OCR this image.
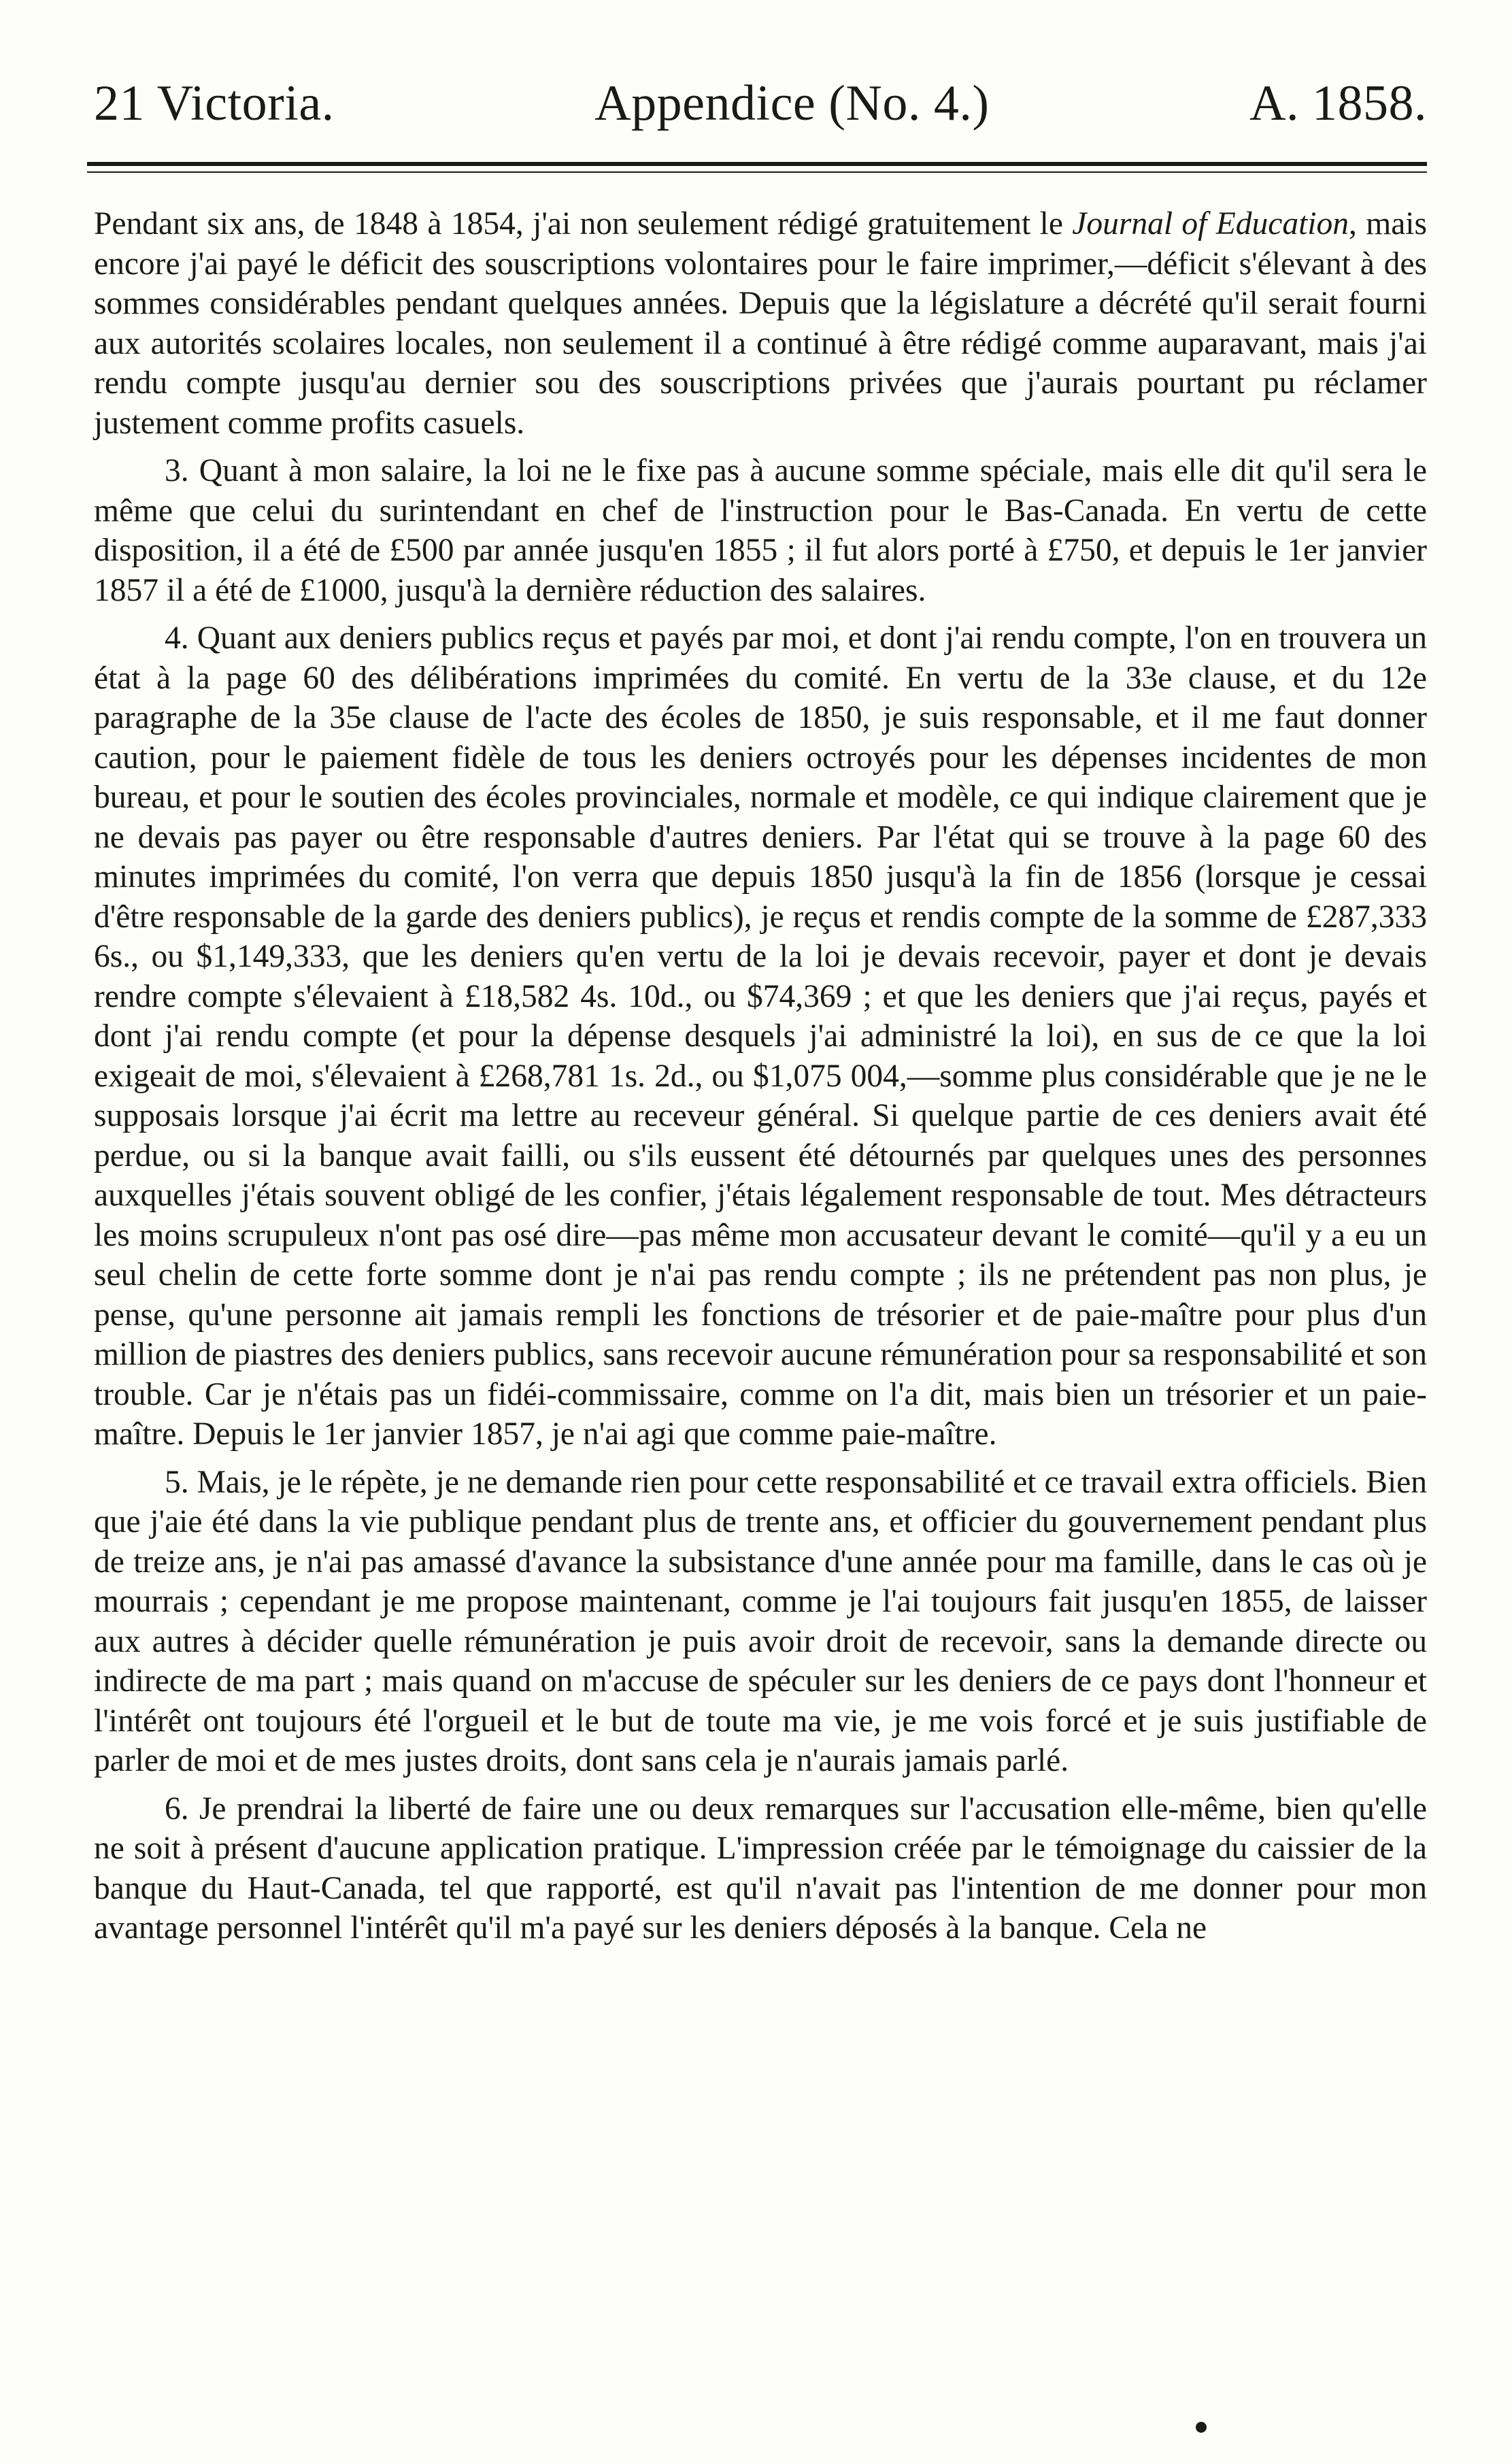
21 Victoria.	Appendice (No. 4.)	A. 1858.

Pendant six ans, de 1848 à 1854, j'ai non seulement rédigé gratuitement le Journal of Education, mais encore j'ai payé le déficit des souscriptions volontaires pour le faire imprimer,—déficit s'élevant à des sommes considérables pendant quelques années. Depuis que la législature a décrété qu'il serait fourni aux autorités scolaires locales, non seulement il a continué à être rédigé comme auparavant, mais j'ai rendu compte jusqu'au dernier sou des souscriptions privées que j'aurais pourtant pu réclamer justement comme profits casuels.

3. Quant à mon salaire, la loi ne le fixe pas à aucune somme spéciale, mais elle dit qu'il sera le même que celui du surintendant en chef de l'instruction pour le Bas-Canada. En vertu de cette disposition, il a été de £500 par année jusqu'en 1855 ; il fut alors porté à £750, et depuis le 1er janvier 1857 il a été de £1000, jusqu'à la dernière réduction des salaires.

4. Quant aux deniers publics reçus et payés par moi, et dont j'ai rendu compte, l'on en trouvera un état à la page 60 des délibérations imprimées du comité. En vertu de la 33e clause, et du 12e paragraphe de la 35e clause de l'acte des écoles de 1850, je suis responsable, et il me faut donner caution, pour le paiement fidèle de tous les deniers octroyés pour les dépenses incidentes de mon bureau, et pour le soutien des écoles provinciales, normale et modèle, ce qui indique clairement que je ne devais pas payer ou être responsable d'autres deniers. Par l'état qui se trouve à la page 60 des minutes imprimées du comité, l'on verra que depuis 1850 jusqu'à la fin de 1856 (lorsque je cessai d'être responsable de la garde des deniers publics), je reçus et rendis compte de la somme de £287,333 6s., ou $1,149,333, que les deniers qu'en vertu de la loi je devais recevoir, payer et dont je devais rendre compte s'élevaient à £18,582 4s. 10d., ou $74,369 ; et que les deniers que j'ai reçus, payés et dont j'ai rendu compte (et pour la dépense desquels j'ai administré la loi), en sus de ce que la loi exigeait de moi, s'élevaient à £268,781 1s. 2d., ou $1,075 004,—somme plus considérable que je ne le supposais lorsque j'ai écrit ma lettre au receveur général. Si quelque partie de ces deniers avait été perdue, ou si la banque avait failli, ou s'ils eussent été détournés par quelques unes des personnes auxquelles j'étais souvent obligé de les confier, j'étais légalement responsable de tout. Mes détracteurs les moins scrupuleux n'ont pas osé dire—pas même mon accusateur devant le comité—qu'il y a eu un seul chelin de cette forte somme dont je n'ai pas rendu compte ; ils ne prétendent pas non plus, je pense, qu'une personne ait jamais rempli les fonctions de trésorier et de paie-maître pour plus d'un million de piastres des deniers publics, sans recevoir aucune rémunération pour sa responsabilité et son trouble. Car je n'étais pas un fidéi-commissaire, comme on l'a dit, mais bien un trésorier et un paie-maître. Depuis le 1er janvier 1857, je n'ai agi que comme paie-maître.

5. Mais, je le répète, je ne demande rien pour cette responsabilité et ce travail extra officiels. Bien que j'aie été dans la vie publique pendant plus de trente ans, et officier du gouvernement pendant plus de treize ans, je n'ai pas amassé d'avance la subsistance d'une année pour ma famille, dans le cas où je mourrais ; cependant je me propose maintenant, comme je l'ai toujours fait jusqu'en 1855, de laisser aux autres à décider quelle rémunération je puis avoir droit de recevoir, sans la demande directe ou indirecte de ma part ; mais quand on m'accuse de spéculer sur les deniers de ce pays dont l'honneur et l'intérêt ont toujours été l'orgueil et le but de toute ma vie, je me vois forcé et je suis justifiable de parler de moi et de mes justes droits, dont sans cela je n'aurais jamais parlé.

6. Je prendrai la liberté de faire une ou deux remarques sur l'accusation elle-même, bien qu'elle ne soit à présent d'aucune application pratique. L'impression créée par le témoignage du caissier de la banque du Haut-Canada, tel que rapporté, est qu'il n'avait pas l'intention de me donner pour mon avantage personnel l'intérêt qu'il m'a payé sur les deniers déposés à la banque. Cela ne
